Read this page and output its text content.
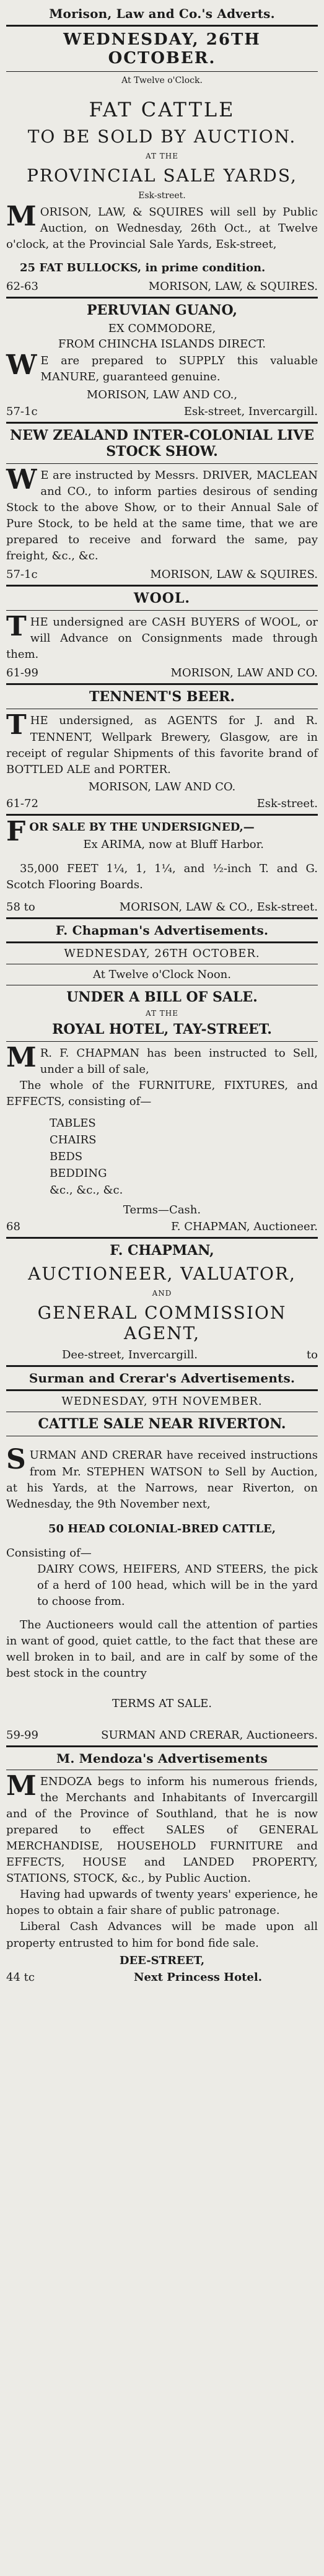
Morison, Law and Co.'s Adverts.
WEDNESDAY, 26TH OCTOBER.
At Twelve o'Clock.
FAT CATTLE
TO BE SOLD BY AUCTION.
AT THE
PROVINCIAL SALE YARDS,
Esk-street.
MORISON, LAW, & SQUIRES will sell by Public Auction, on Wednesday, 26th Oct., at Twelve o'clock, at the Provincial Sale Yards, Esk-street,
25 FAT BULLOCKS, in prime condition.
62-63	MORISON, LAW, & SQUIRES.
PERUVIAN GUANO,
EX COMMODORE,
FROM CHINCHA ISLANDS DIRECT.
WE are prepared to SUPPLY this valuable MANURE, guaranteed genuine.
MORISON, LAW AND CO.,
57-1c	Esk-street, Invercargill.
NEW ZEALAND INTER-COLONIAL LIVE STOCK SHOW.
WE are instructed by Messrs. DRIVER, MACLEAN and CO., to inform parties desirous of sending Stock to the above Show, or to their Annual Sale of Pure Stock, to be held at the same time, that we are prepared to receive and forward the same, pay freight, &c., &c.
57-1c	MORISON, LAW & SQUIRES.
WOOL.
THE undersigned are CASH BUYERS of WOOL, or will Advance on Consignments made through them.
61-99	MORISON, LAW AND CO.
TENNENT'S BEER.
THE undersigned, as AGENTS for J. and R. TENNENT, Wellpark Brewery, Glasgow, are in receipt of regular Shipments of this favorite brand of BOTTLED ALE and PORTER.
MORISON, LAW AND CO.
61-72	Esk-street.
FOR SALE BY THE UNDERSIGNED,—
Ex ARIMA, now at Bluff Harbor.
35,000 FEET 1¼, 1, 1¼, and ½-inch T. and G. Scotch Flooring Boards.
58 to	MORISON, LAW & CO., Esk-street.
F. Chapman's Advertisements.
WEDNESDAY, 26TH OCTOBER.
At Twelve o'Clock Noon.
UNDER A BILL OF SALE.
AT THE
ROYAL HOTEL, TAY-STREET.
MR. F. CHAPMAN has been instructed to Sell, under a bill of sale,
The whole of the FURNITURE, FIXTURES, and EFFECTS, consisting of—
TABLES
CHAIRS
BEDS
BEDDING
&c., &c., &c.
Terms—Cash.
68	F. CHAPMAN, Auctioneer.
F. CHAPMAN,
AUCTIONEER, VALUATOR,
AND
GENERAL COMMISSION AGENT,
Dee-street, Invercargill.	to
Surman and Crerar's Advertisements.
WEDNESDAY, 9TH NOVEMBER.
CATTLE SALE NEAR RIVERTON.
SURMAN AND CRERAR have received instructions from Mr. STEPHEN WATSON to Sell by Auction, at his Yards, at the Narrows, near Riverton, on Wednesday, the 9th November next,
50 HEAD COLONIAL-BRED CATTLE,
Consisting of—
DAIRY COWS, HEIFERS, AND STEERS, the pick of a herd of 100 head, which will be in the yard to choose from.
The Auctioneers would call the attention of parties in want of good, quiet cattle, to the fact that these are well broken in to bail, and are in calf by some of the best stock in the country
TERMS AT SALE.
59-99	SURMAN AND CRERAR, Auctioneers.
M. Mendoza's Advertisements
MENDOZA begs to inform his numerous friends, the Merchants and Inhabitants of Invercargill and of the Province of Southland, that he is now prepared to effect SALES of GENERAL MERCHANDISE, HOUSEHOLD FURNITURE and EFFECTS, HOUSE and LANDED PROPERTY, STATIONS, STOCK, &c., by Public Auction.
Having had upwards of twenty years' experience, he hopes to obtain a fair share of public patronage.
Liberal Cash Advances will be made upon all property entrusted to him for bond fide sale.
DEE-STREET,
44 tc	Next Princess Hotel.
